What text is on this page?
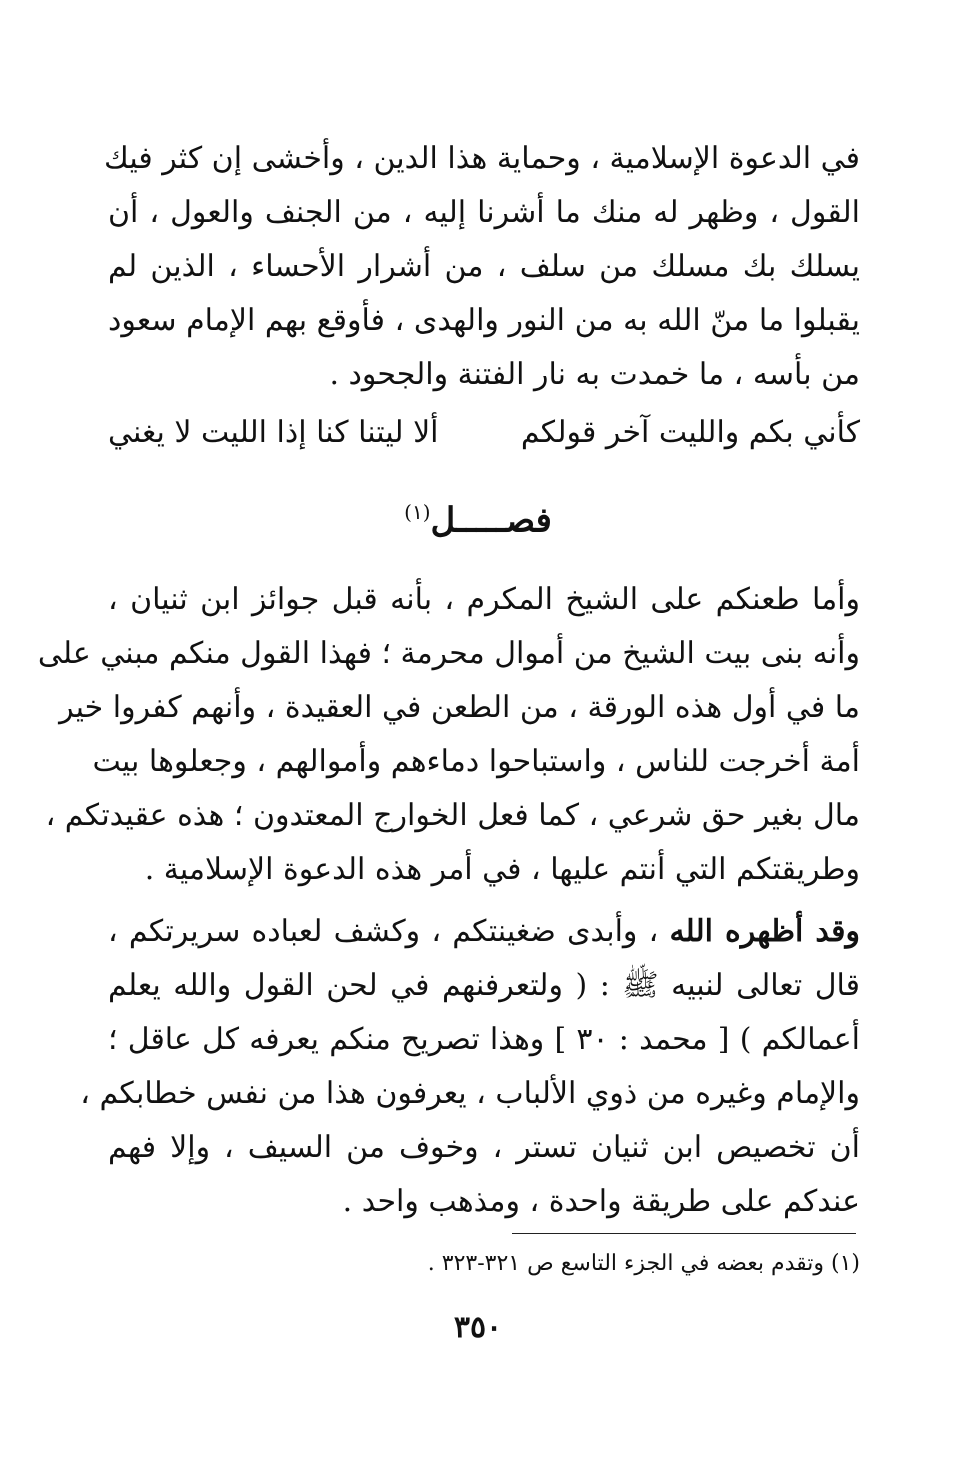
في الدعوة الإسلامية ، وحماية هذا الدين ، وأخشى إن كثر فيك
القول ، وظهر له منك ما أشرنا إليه ، من الجنف والعول ، أن
يسلك بك مسلك من سلف ، من أشرار الأحساء ، الذين لم
يقبلوا ما منّ الله به من النور والهدى ، فأوقع بهم الإمام سعود
من بأسه ، ما خمدت به نار الفتنة والجحود .
كأني بكم والليت آخر قولكم
ألا ليتنا كنا إذا الليت لا يغني
فصـــــل$^{(١)}$
وأما طعنكم على الشيخ المكرم ، بأنه قبل جوائز ابن ثنيان ،
وأنه بنى بيت الشيخ من أموال محرمة ؛ فهذا القول منكم مبني على
ما في أول هذه الورقة ، من الطعن في العقيدة ، وأنهم كفروا خير
أمة أخرجت للناس ، واستباحوا دماءهم وأموالهم ، وجعلوها بيت
مال بغير حق شرعي ، كما فعل الخوارج المعتدون ؛ هذه عقيدتكم ،
وطريقتكم التي أنتم عليها ، في أمر هذه الدعوة الإسلامية .
وقد أظهره الله ، وأبدى ضغينتكم ، وكشف لعباده سريرتكم ،
قال تعالى لنبيه ﷺ : ( ولتعرفنهم في لحن القول والله يعلم
أعمالكم ) [ محمد : ٣٠ ] وهذا تصريح منكم يعرفه كل عاقل ؛
والإمام وغيره من ذوي الألباب ، يعرفون هذا من نفس خطابكم ،
أن تخصيص ابن ثنيان تستر ، وخوف من السيف ، وإلا فهم
عندكم على طريقة واحدة ، ومذهب واحد .
(١) وتقدم بعضه في الجزء التاسع ص ٣٢١-٣٢٣ .
٣٥٠
